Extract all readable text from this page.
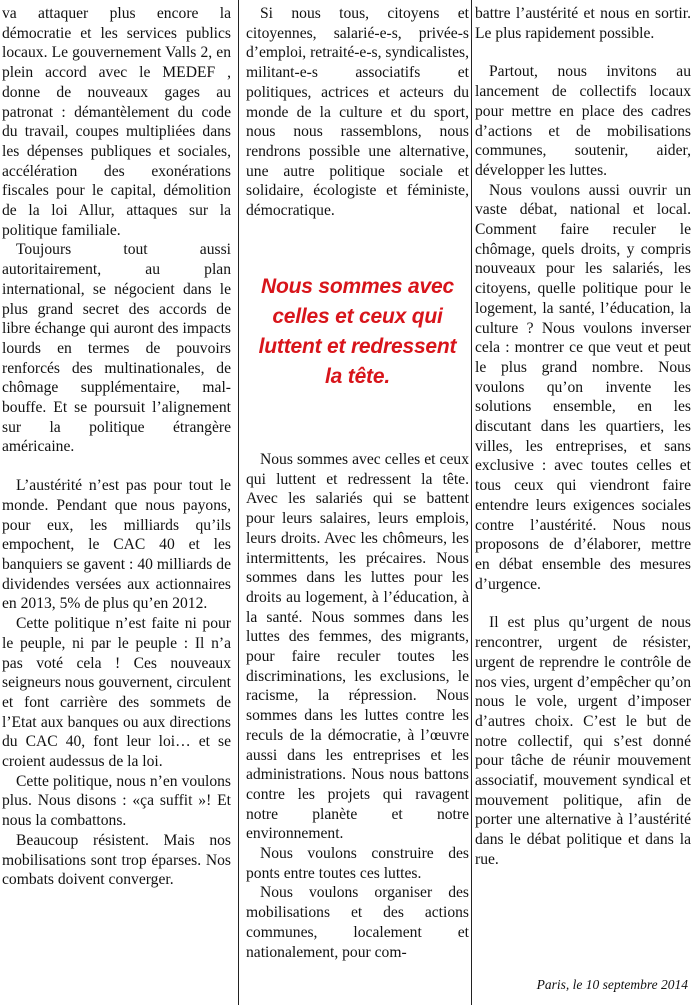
va attaquer plus encore la démocratie et les services publics locaux. Le gouvernement Valls 2, en plein accord avec le MEDEF , donne de nouveaux gages au patronat : démantèlement du code du travail, coupes multipliées dans les dépenses publiques et sociales, accélération des exonérations fiscales pour le capital, démolition de la loi Allur, attaques sur la politique familiale.

Toujours tout aussi autoritairement, au plan international, se négocient dans le plus grand secret des accords de libre échange qui auront des impacts lourds en termes de pouvoirs renforcés des multinationales, de chômage supplémentaire, mal-bouffe. Et se poursuit l’alignement sur la politique étrangère américaine.

L’austérité n’est pas pour tout le monde. Pendant que nous payons, pour eux, les milliards qu’ils empochent, le CAC 40 et les banquiers se gavent : 40 milliards de dividendes versées aux actionnaires en 2013, 5% de plus qu’en 2012.

Cette politique n’est faite ni pour le peuple, ni par le peuple : Il n’a pas voté cela ! Ces nouveaux seigneurs nous gouvernent, circulent et font carrière des sommets de l’Etat aux banques ou aux directions du CAC 40, font leur loi… et se croient audessus de la loi.

Cette politique, nous n’en voulons plus. Nous disons : «ça suffit »! Et nous la combattons.

Beaucoup résistent. Mais nos mobilisations sont trop éparses. Nos combats doivent converger.

Si nous tous, citoyens et citoyennes, salarié-e-s, privée-s d’emploi, retraité-e-s, syndicalistes, militant-e-s associatifs et politiques, actrices et acteurs du monde de la culture et du sport, nous nous rassemblons, nous rendrons possible une alternative, une autre politique sociale et solidaire, écologiste et féministe, démocratique.

Nous sommes avec celles et ceux qui luttent et redressent la tête. Avec les salariés qui se battent pour leurs salaires, leurs emplois, leurs droits. Avec les chômeurs, les intermittents, les précaires. Nous sommes dans les luttes pour les droits au logement, à l’éducation, à la santé. Nous sommes dans les luttes des femmes, des migrants, pour faire reculer toutes les discriminations, les exclusions, le racisme, la répression. Nous sommes dans les luttes contre les reculs de la démocratie, à l’œuvre aussi dans les entreprises et les administrations. Nous nous battons contre les projets qui ravagent notre planète et notre environnement.

Nous voulons construire des ponts entre toutes ces luttes.

Nous voulons organiser des mobilisations et des actions communes, localement et nationalement, pour com-

Nous sommes avec celles et ceux qui luttent et redressent la tête.

battre l’austérité et nous en sortir. Le plus rapidement possible.

Partout, nous invitons au lancement de collectifs locaux pour mettre en place des cadres d’actions et de mobilisations communes, soutenir, aider, développer les luttes.

Nous voulons aussi ouvrir un vaste débat, national et local. Comment faire reculer le chômage, quels droits, y compris nouveaux pour les salariés, les citoyens, quelle politique pour le logement, la santé, l’éducation, la culture ? Nous voulons inverser cela : montrer ce que veut et peut le plus grand nombre. Nous voulons qu’on invente les solutions ensemble, en les discutant dans les quartiers, les villes, les entreprises, et sans exclusive : avec toutes celles et tous ceux qui viendront faire entendre leurs exigences sociales contre l’austérité. Nous nous proposons de d’élaborer, mettre en débat ensemble des mesures d’urgence.

Il est plus qu’urgent de nous rencontrer, urgent de résister, urgent de reprendre le contrôle de nos vies, urgent d’empêcher qu’on nous le vole, urgent d’imposer d’autres choix. C’est le but de notre collectif, qui s’est donné pour tâche de réunir mouvement associatif, mouvement syndical et mouvement politique, afin de porter une alternative à l’austérité dans le débat politique et dans la rue.

Paris, le 10 septembre 2014
